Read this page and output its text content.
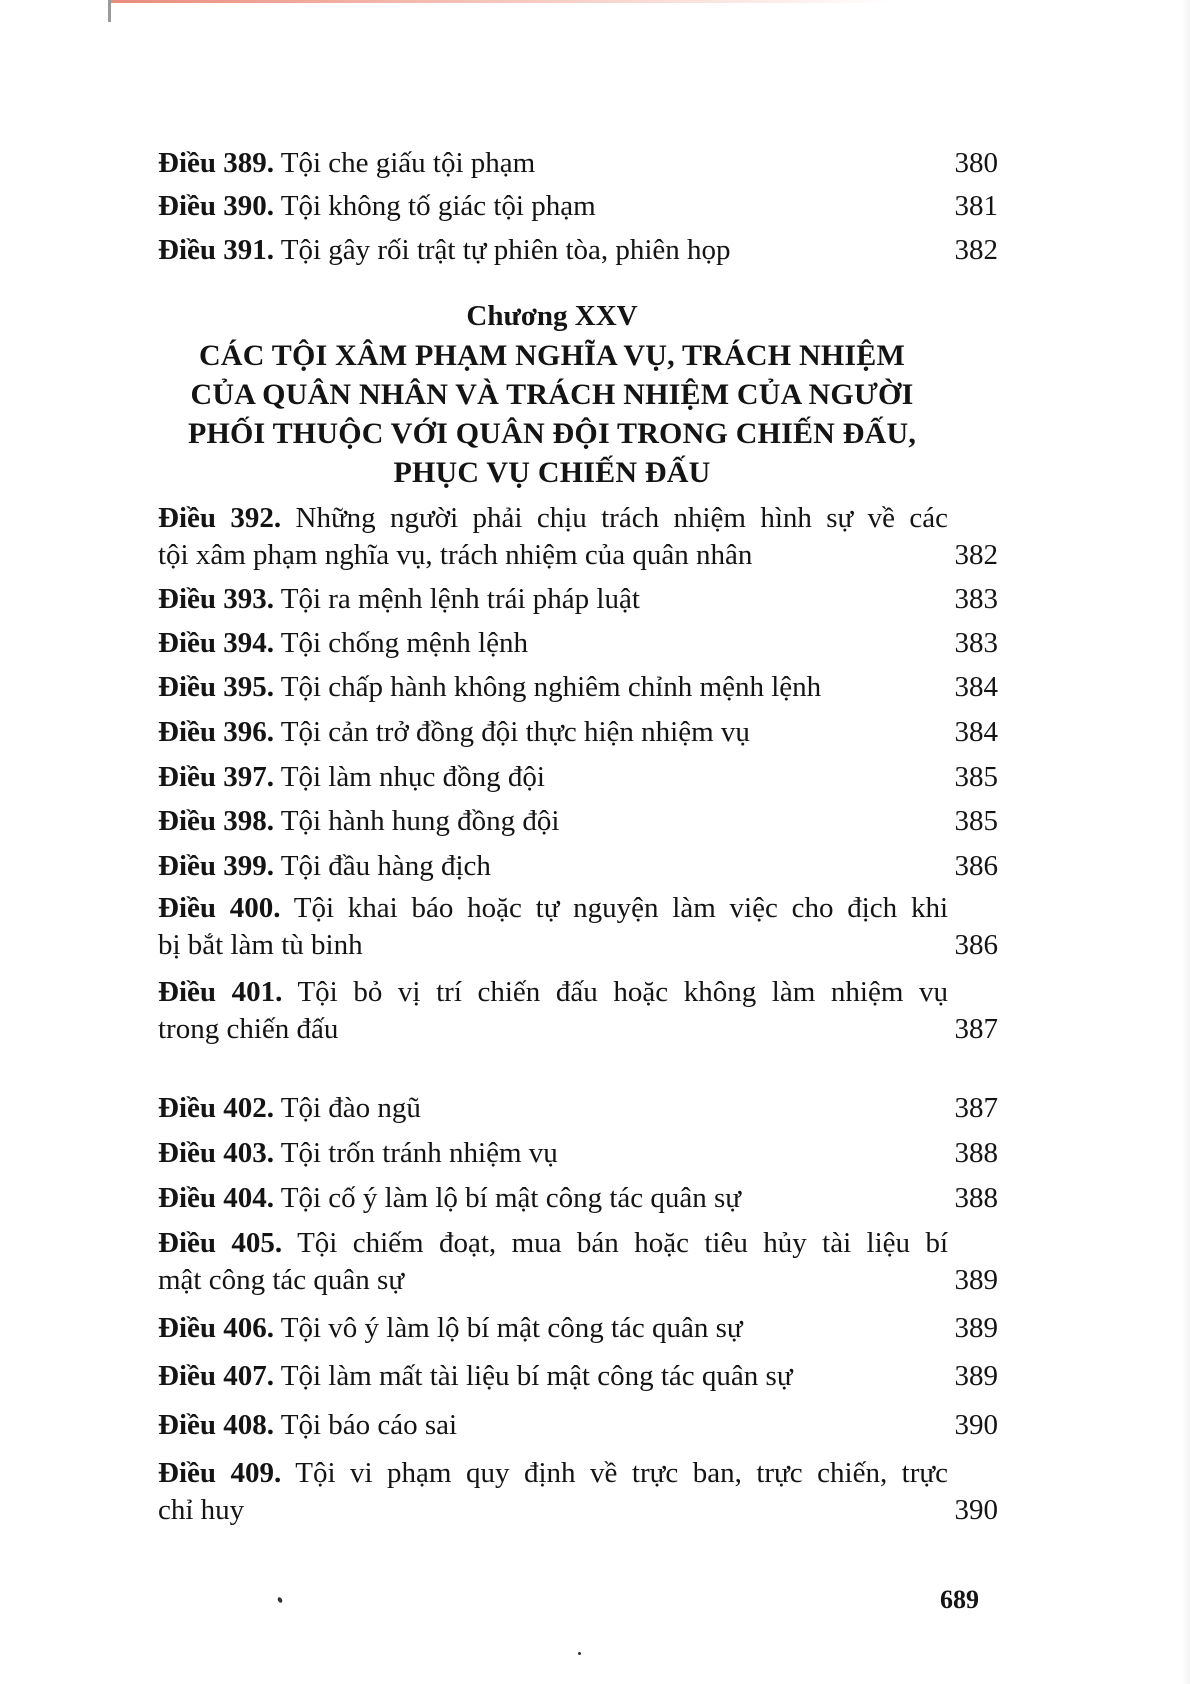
Điều 389. Tội che giấu tội phạm	380
Điều 390. Tội không tố giác tội phạm	381
Điều 391. Tội gây rối trật tự phiên tòa, phiên họp	382
Chương XXV
CÁC TỘI XÂM PHẠM NGHĨA VỤ, TRÁCH NHIỆM
CỦA QUÂN NHÂN VÀ TRÁCH NHIỆM CỦA NGƯỜI
PHỐI THUỘC VỚI QUÂN ĐỘI TRONG CHIẾN ĐẤU,
PHỤC VỤ CHIẾN ĐẤU
Điều 392. Những người phải chịu trách nhiệm hình sự về các
tội xâm phạm nghĩa vụ, trách nhiệm của quân nhân	382
Điều 393. Tội ra mệnh lệnh trái pháp luật	383
Điều 394. Tội chống mệnh lệnh	383
Điều 395. Tội chấp hành không nghiêm chỉnh mệnh lệnh	384
Điều 396. Tội cản trở đồng đội thực hiện nhiệm vụ	384
Điều 397. Tội làm nhục đồng đội	385
Điều 398. Tội hành hung đồng đội	385
Điều 399. Tội đầu hàng địch	386
Điều 400. Tội khai báo hoặc tự nguyện làm việc cho địch khi
bị bắt làm tù binh	386
Điều 401. Tội bỏ vị trí chiến đấu hoặc không làm nhiệm vụ
trong chiến đấu	387
Điều 402. Tội đào ngũ	387
Điều 403. Tội trốn tránh nhiệm vụ	388
Điều 404. Tội cố ý làm lộ bí mật công tác quân sự	388
Điều 405. Tội chiếm đoạt, mua bán hoặc tiêu hủy tài liệu bí
mật công tác quân sự	389
Điều 406. Tội vô ý làm lộ bí mật công tác quân sự	389
Điều 407. Tội làm mất tài liệu bí mật công tác quân sự	389
Điều 408. Tội báo cáo sai	390
Điều 409. Tội vi phạm quy định về trực ban, trực chiến, trực
chỉ huy	390
689
